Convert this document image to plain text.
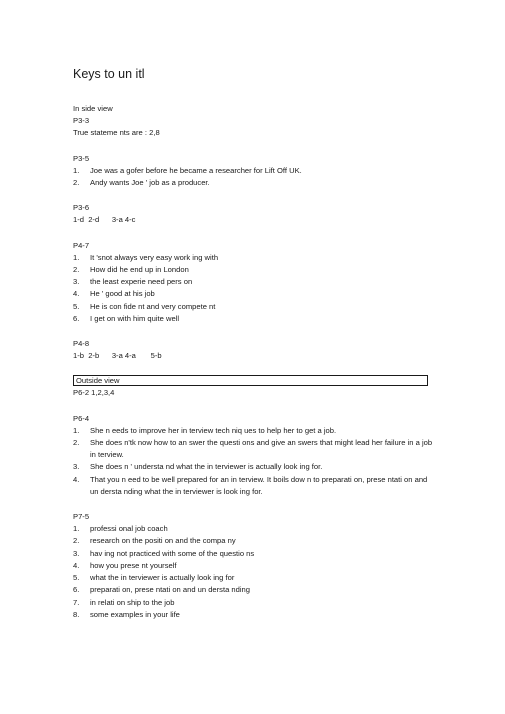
Keys to un itl
In side view
P3-3
True stateme nts are : 2,8
P3-5
1. Joe was a gofer before he became a researcher for Lift Off UK.
2. Andy wants Joe ' job as a producer.
P3-6
1-d  2-d      3-a 4-c
P4-7
1. It 'snot always very easy work ing with
2. How did he end up in London
3. the least experie need pers on
4. He ' good at his job
5. He is con fide nt and very compete nt
6. I get on with him quite well
P4-8
1-b  2-b      3-a 4-a       5-b
Outside view
P6-2 1,2,3,4
P6-4
1. She n eeds to improve her in terview tech niq ues to help her to get a job.
2. She does n'tk now how to an swer the questi ons and give an swers that might lead her failure in a job in terview.
3. She does n ' understa nd what the in terviewer is actually look ing for.
4. That you n eed to be well prepared for an in terview. It boils dow n to preparati on, prese ntati on and un dersta nding what the in terviewer is look ing for.
P7-5
1. professi onal job coach
2. research on the positi on and the compa ny
3. hav ing not practiced with some of the questio ns
4. how you prese nt yourself
5. what the in terviewer is actually look ing for
6. preparati on, prese ntati on and un dersta nding
7. in relati on ship to the job
8. some examples in your life
